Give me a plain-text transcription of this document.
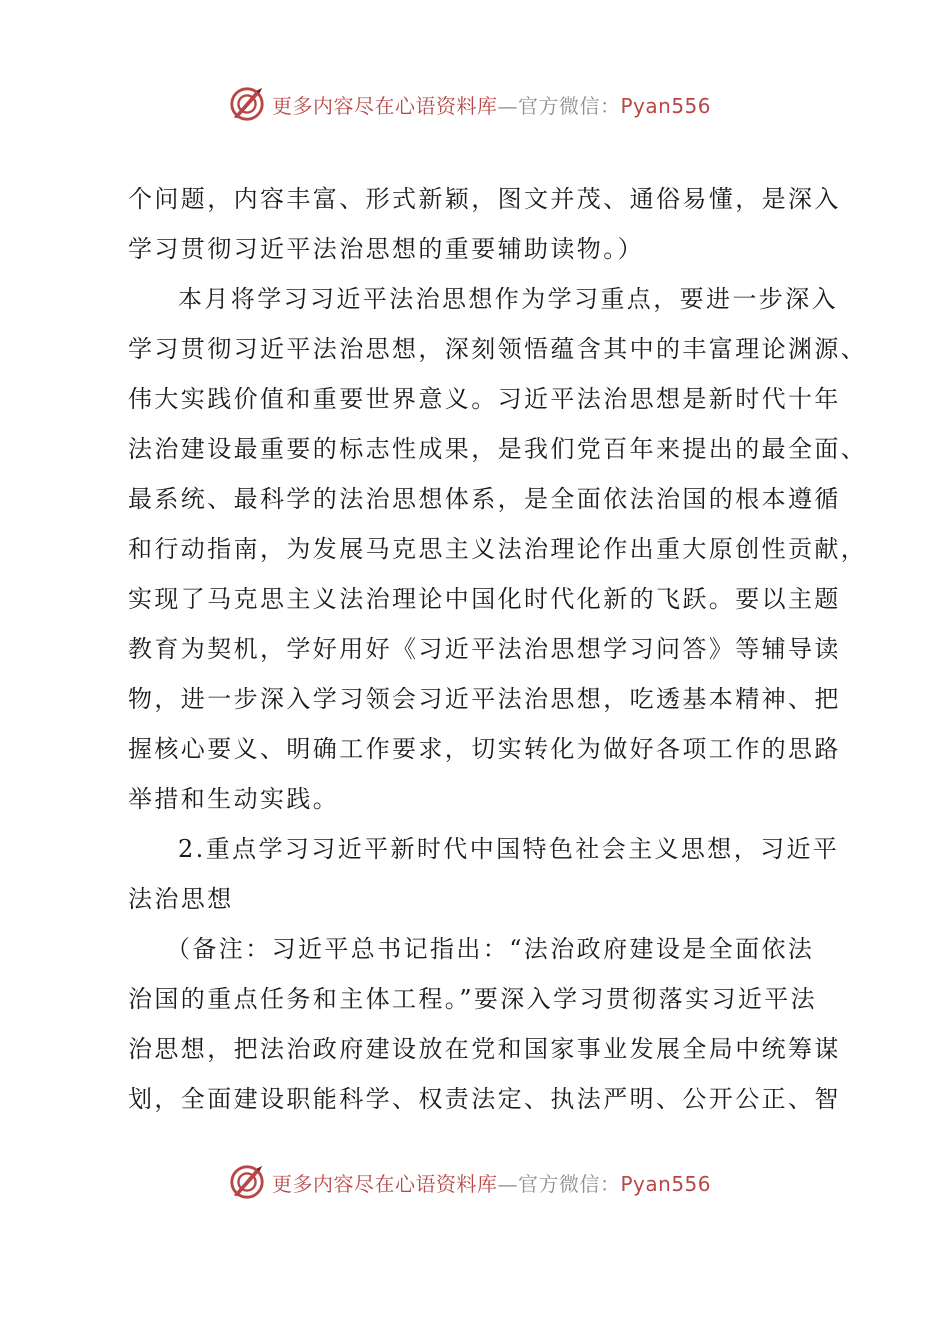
更多内容尽在心语资料库—官方微信：Pyan556
个问题，内容丰富、形式新颖，图文并茂、通俗易懂，是深入
学习贯彻习近平法治思想的重要辅助读物。）
本月将学习习近平法治思想作为学习重点，要进一步深入
学习贯彻习近平法治思想，深刻领悟蕴含其中的丰富理论渊源、
伟大实践价值和重要世界意义。习近平法治思想是新时代十年
法治建设最重要的标志性成果，是我们党百年来提出的最全面、
最系统、最科学的法治思想体系，是全面依法治国的根本遵循
和行动指南，为发展马克思主义法治理论作出重大原创性贡献，
实现了马克思主义法治理论中国化时代化新的飞跃。要以主题
教育为契机，学好用好《习近平法治思想学习问答》等辅导读
物，进一步深入学习领会习近平法治思想，吃透基本精神、把
握核心要义、明确工作要求，切实转化为做好各项工作的思路
举措和生动实践。
2.重点学习习近平新时代中国特色社会主义思想，习近平
法治思想
（备注：习近平总书记指出：“法治政府建设是全面依法
治国的重点任务和主体工程。”要深入学习贯彻落实习近平法
治思想，把法治政府建设放在党和国家事业发展全局中统筹谋
划，全面建设职能科学、权责法定、执法严明、公开公正、智
更多内容尽在心语资料库—官方微信：Pyan556
